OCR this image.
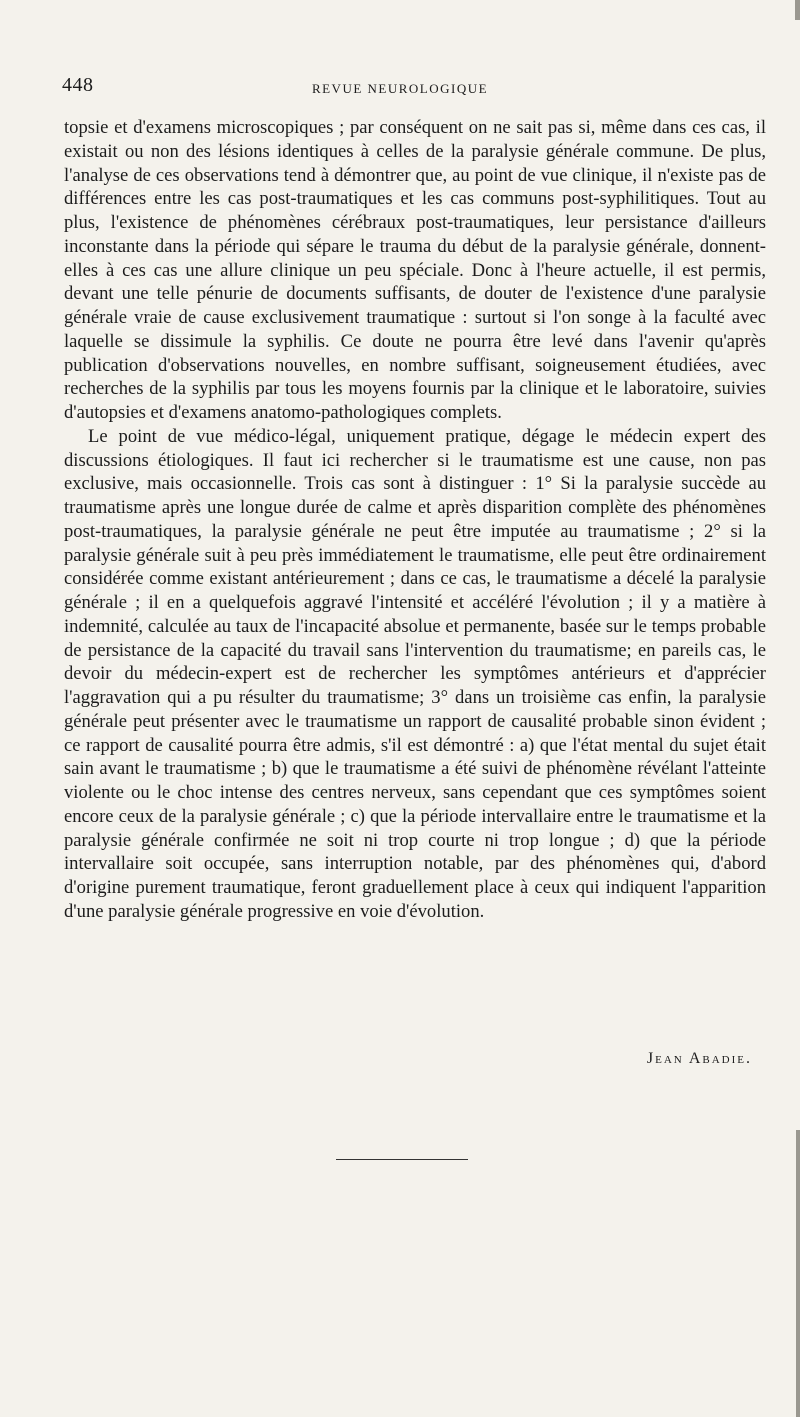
448	REVUE NEUROLOGIQUE

topsie et d'examens microscopiques ; par conséquent on ne sait pas si, même dans ces cas, il existait ou non des lésions identiques à celles de la paralysie générale commune. De plus, l'analyse de ces observations tend à démontrer que, au point de vue clinique, il n'existe pas de différences entre les cas post-traumatiques et les cas communs post-syphilitiques. Tout au plus, l'existence de phénomènes cérébraux post-traumatiques, leur persistance d'ailleurs inconstante dans la période qui sépare le trauma du début de la paralysie générale, donnent-elles à ces cas une allure clinique un peu spéciale. Donc à l'heure actuelle, il est permis, devant une telle pénurie de documents suffisants, de douter de l'existence d'une paralysie générale vraie de cause exclusivement traumatique : surtout si l'on songe à la faculté avec laquelle se dissimule la syphilis. Ce doute ne pourra être levé dans l'avenir qu'après publication d'observations nouvelles, en nombre suffisant, soigneusement étudiées, avec recherches de la syphilis par tous les moyens fournis par la clinique et le laboratoire, suivies d'autopsies et d'examens anatomo-pathologiques complets.

Le point de vue médico-légal, uniquement pratique, dégage le médecin expert des discussions étiologiques. Il faut ici rechercher si le traumatisme est une cause, non pas exclusive, mais occasionnelle. Trois cas sont à distinguer : 1° Si la paralysie succède au traumatisme après une longue durée de calme et après disparition complète des phénomènes post-traumatiques, la paralysie générale ne peut être imputée au traumatisme ; 2° si la paralysie générale suit à peu près immédiatement le traumatisme, elle peut être ordinairement considérée comme existant antérieurement ; dans ce cas, le traumatisme a décelé la paralysie générale ; il en a quelquefois aggravé l'intensité et accéléré l'évolution ; il y a matière à indemnité, calculée au taux de l'incapacité absolue et permanente, basée sur le temps probable de persistance de la capacité du travail sans l'intervention du traumatisme; en pareils cas, le devoir du médecin-expert est de rechercher les symptômes antérieurs et d'apprécier l'aggravation qui a pu résulter du traumatisme; 3° dans un troisième cas enfin, la paralysie générale peut présenter avec le traumatisme un rapport de causalité probable sinon évident ; ce rapport de causalité pourra être admis, s'il est démontré : a) que l'état mental du sujet était sain avant le traumatisme ; b) que le traumatisme a été suivi de phénomène révélant l'atteinte violente ou le choc intense des centres nerveux, sans cependant que ces symptômes soient encore ceux de la paralysie générale ; c) que la période intervallaire entre le traumatisme et la paralysie générale confirmée ne soit ni trop courte ni trop longue ; d) que la période intervallaire soit occupée, sans interruption notable, par des phénomènes qui, d'abord d'origine purement traumatique, feront graduellement place à ceux qui indiquent l'apparition d'une paralysie générale progressive en voie d'évolution.

Jean Abadie.
